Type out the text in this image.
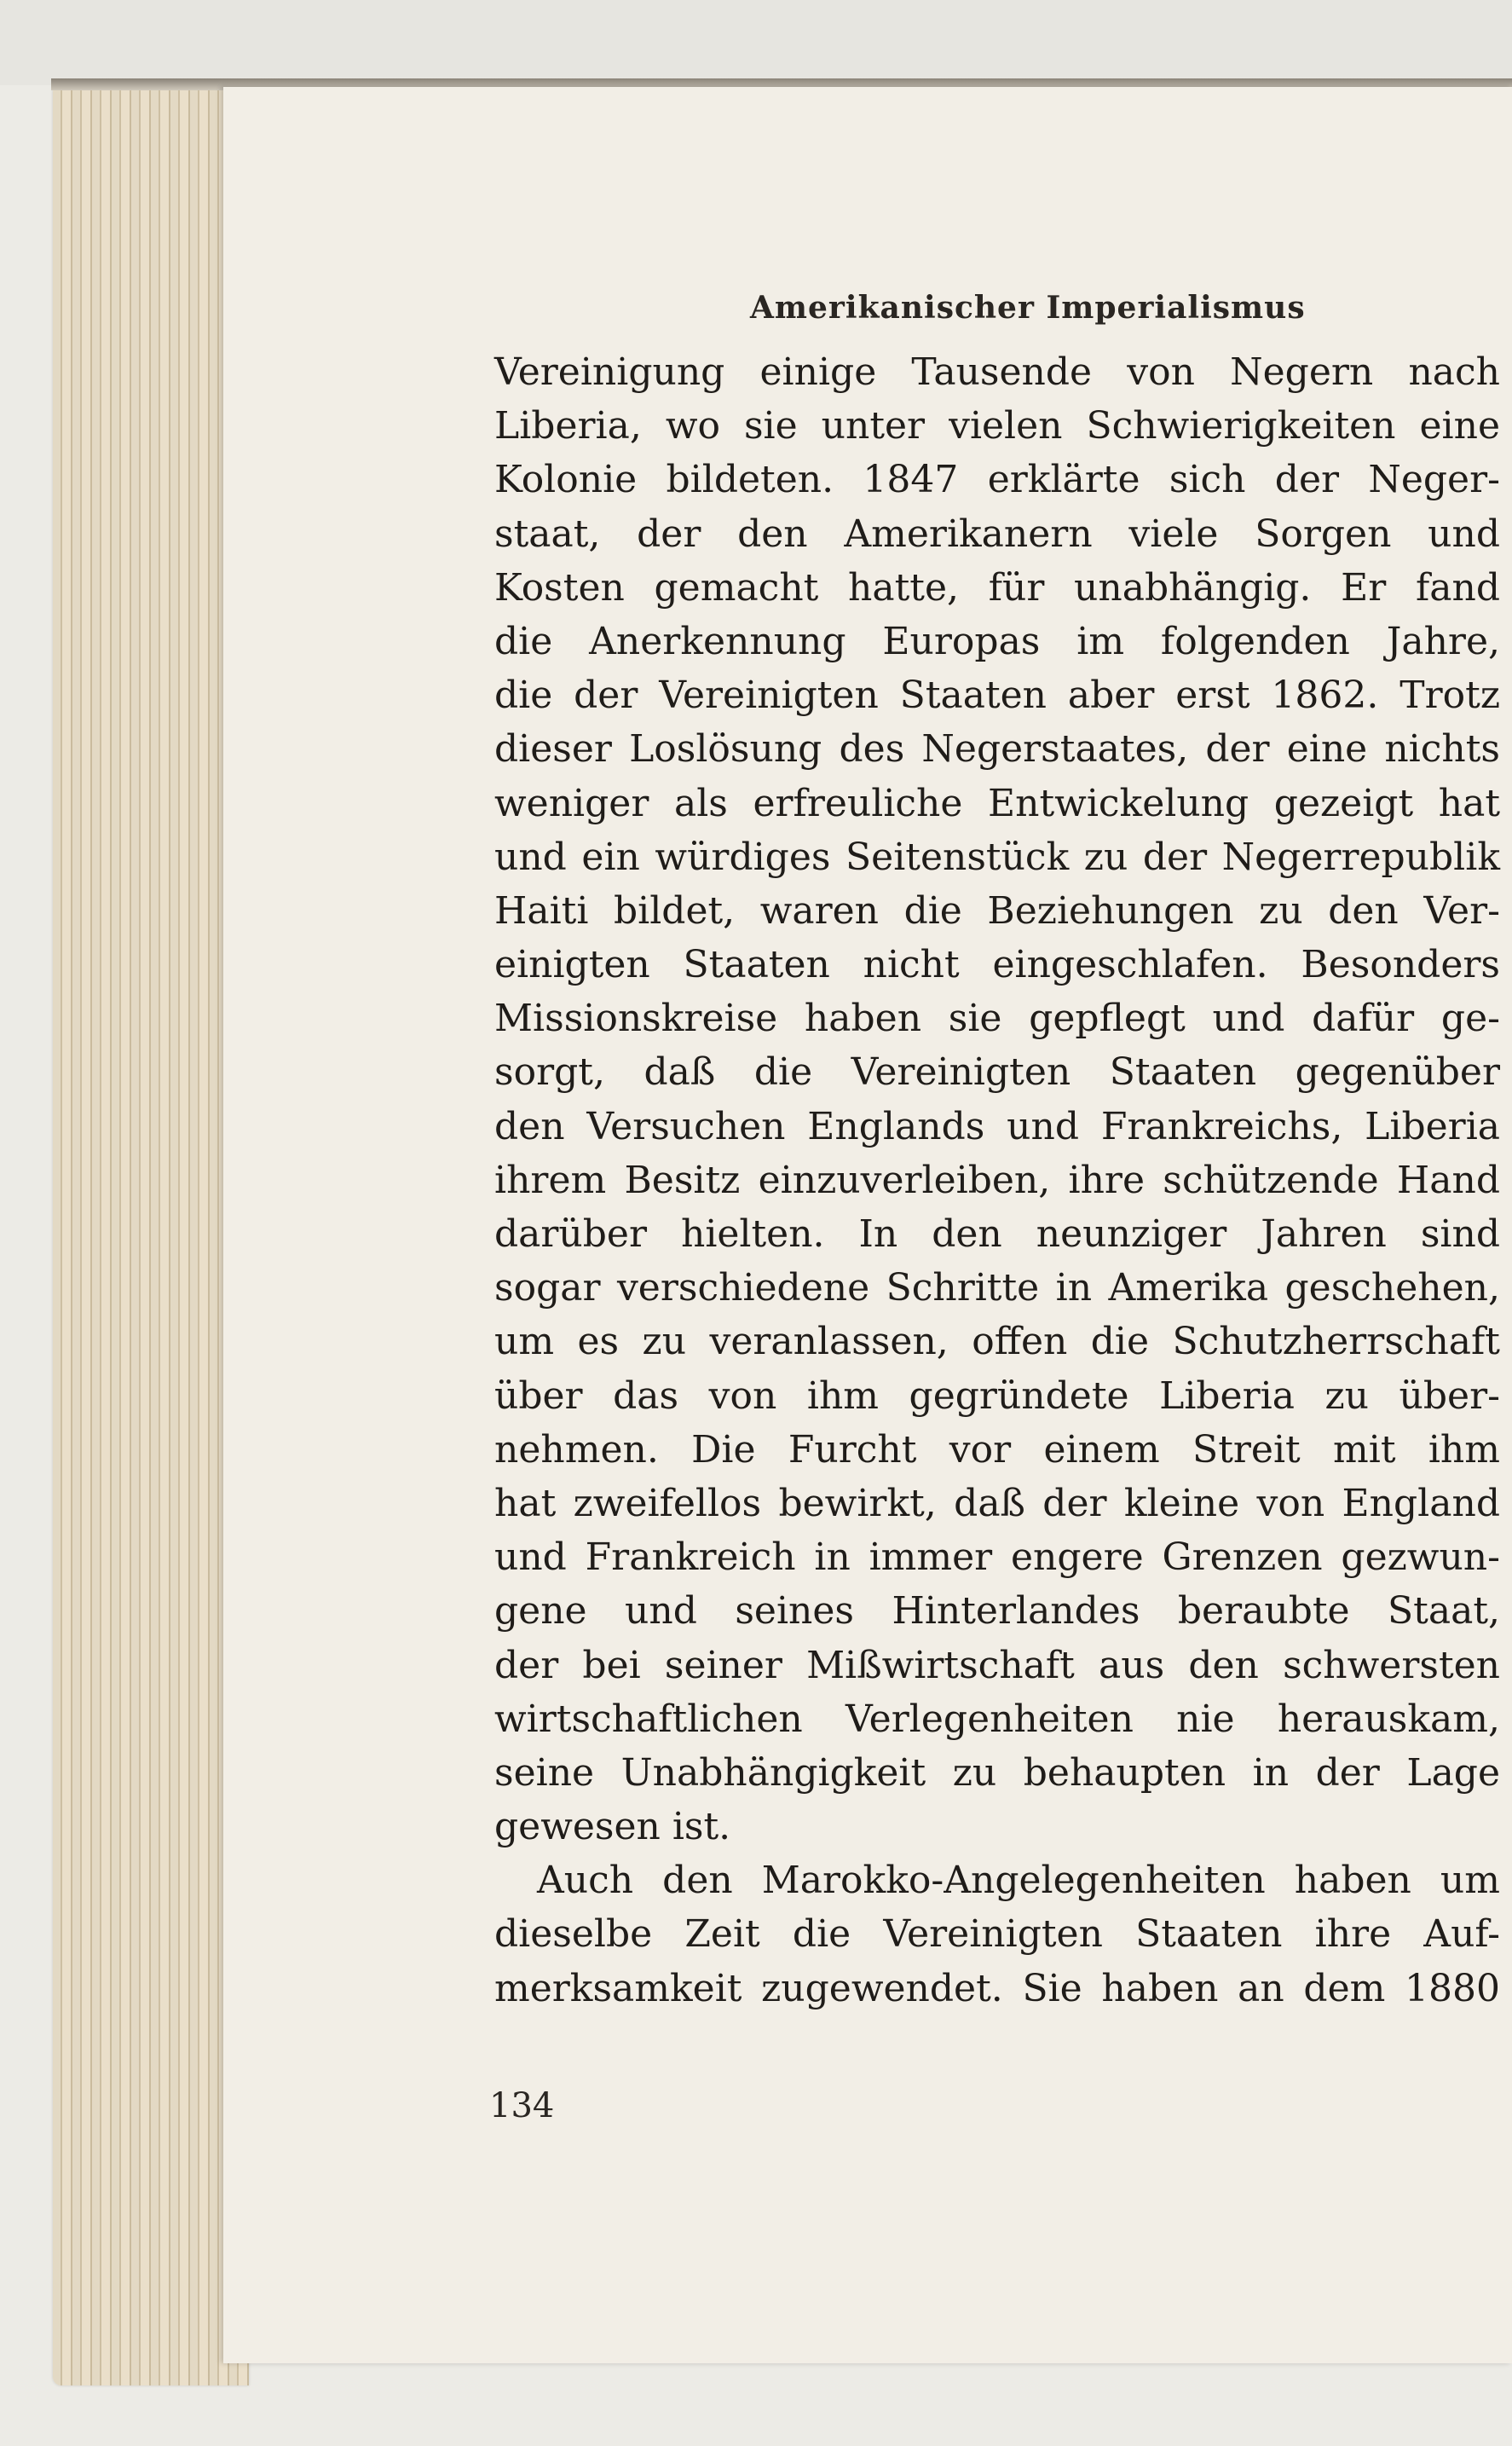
Amerikanischer Imperialismus
Vereinigung einige Tausende von Negern nach
Liberia, wo sie unter vielen Schwierigkeiten eine
Kolonie bildeten. 1847 erklärte sich der Neger-
staat, der den Amerikanern viele Sorgen und
Kosten gemacht hatte, für unabhängig. Er fand
die Anerkennung Europas im folgenden Jahre,
die der Vereinigten Staaten aber erst 1862. Trotz
dieser Loslösung des Negerstaates, der eine nichts
weniger als erfreuliche Entwickelung gezeigt hat
und ein würdiges Seitenstück zu der Negerrepublik
Haiti bildet, waren die Beziehungen zu den Ver-
einigten Staaten nicht eingeschlafen. Besonders
Missionskreise haben sie gepflegt und dafür ge-
sorgt, daß die Vereinigten Staaten gegenüber
den Versuchen Englands und Frankreichs, Liberia
ihrem Besitz einzuverleiben, ihre schützende Hand
darüber hielten. In den neunziger Jahren sind
sogar verschiedene Schritte in Amerika geschehen,
um es zu veranlassen, offen die Schutzherrschaft
über das von ihm gegründete Liberia zu über-
nehmen. Die Furcht vor einem Streit mit ihm
hat zweifellos bewirkt, daß der kleine von England
und Frankreich in immer engere Grenzen gezwun-
gene und seines Hinterlandes beraubte Staat,
der bei seiner Mißwirtschaft aus den schwersten
wirtschaftlichen Verlegenheiten nie herauskam,
seine Unabhängigkeit zu behaupten in der Lage
gewesen ist.
Auch den Marokko-Angelegenheiten haben um
dieselbe Zeit die Vereinigten Staaten ihre Auf-
merksamkeit zugewendet. Sie haben an dem 1880
134
